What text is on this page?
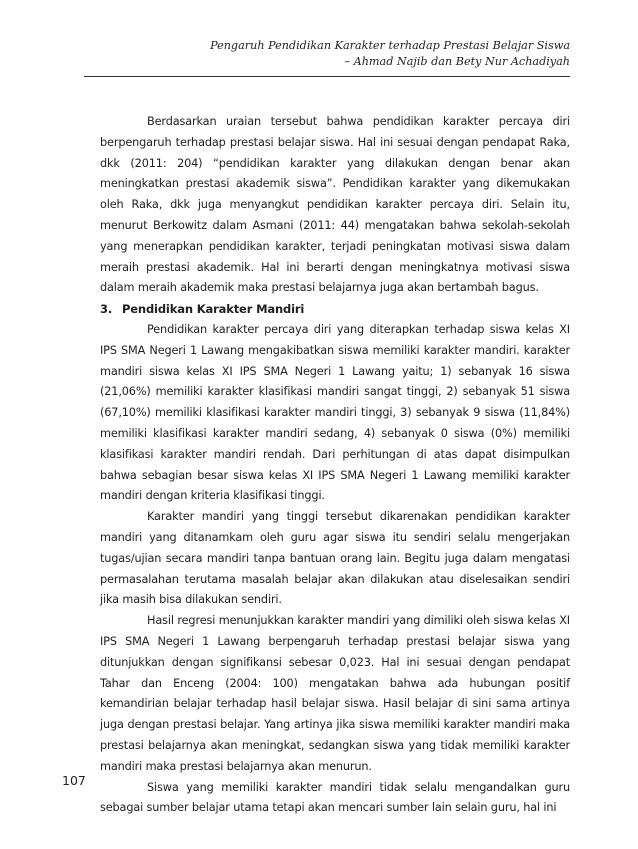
Pengaruh Pendidikan Karakter terhadap Prestasi Belajar Siswa
– Ahmad Najib dan Bety Nur Achadiyah

Berdasarkan uraian tersebut bahwa pendidikan karakter percaya diri berpengaruh terhadap prestasi belajar siswa. Hal ini sesuai dengan pendapat Raka, dkk (2011: 204) “pendidikan karakter yang dilakukan dengan benar akan meningkatkan prestasi akademik siswa”. Pendidikan karakter yang dikemukakan oleh Raka, dkk juga menyangkut pendidikan karakter percaya diri. Selain itu, menurut Berkowitz dalam Asmani (2011: 44) mengatakan bahwa sekolah-sekolah yang menerapkan pendidikan karakter, terjadi peningkatan motivasi siswa dalam meraih prestasi akademik. Hal ini berarti dengan meningkatnya motivasi siswa dalam meraih akademik maka prestasi belajarnya juga akan bertambah bagus.

3. Pendidikan Karakter Mandiri

Pendidikan karakter percaya diri yang diterapkan terhadap siswa kelas XI IPS SMA Negeri 1 Lawang mengakibatkan siswa memiliki karakter mandiri. karakter mandiri siswa kelas XI IPS SMA Negeri 1 Lawang yaitu; 1) sebanyak 16 siswa (21,06%) memiliki karakter klasifikasi mandiri sangat tinggi, 2) sebanyak 51 siswa (67,10%) memiliki klasifikasi karakter mandiri tinggi, 3) sebanyak 9 siswa (11,84%) memiliki klasifikasi karakter mandiri sedang, 4) sebanyak 0 siswa (0%) memiliki klasifikasi karakter mandiri rendah. Dari perhitungan di atas dapat disimpulkan bahwa sebagian besar siswa kelas XI IPS SMA Negeri 1 Lawang memiliki karakter mandiri dengan kriteria klasifikasi tinggi.

Karakter mandiri yang tinggi tersebut dikarenakan pendidikan karakter mandiri yang ditanamkam oleh guru agar siswa itu sendiri selalu mengerjakan tugas/ujian secara mandiri tanpa bantuan orang lain. Begitu juga dalam mengatasi permasalahan terutama masalah belajar akan dilakukan atau diselesaikan sendiri jika masih bisa dilakukan sendiri.

Hasil regresi menunjukkan karakter mandiri yang dimiliki oleh siswa kelas XI IPS SMA Negeri 1 Lawang berpengaruh terhadap prestasi belajar siswa yang ditunjukkan dengan signifikansi sebesar 0,023. Hal ini sesuai dengan pendapat Tahar dan Enceng (2004: 100) mengatakan bahwa ada hubungan positif kemandirian belajar terhadap hasil belajar siswa. Hasil belajar di sini sama artinya juga dengan prestasi belajar. Yang artinya jika siswa memiliki karakter mandiri maka prestasi belajarnya akan meningkat, sedangkan siswa yang tidak memiliki karakter mandiri maka prestasi belajarnya akan menurun.

Siswa yang memiliki karakter mandiri tidak selalu mengandalkan guru sebagai sumber belajar utama tetapi akan mencari sumber lain selain guru, hal ini

107
